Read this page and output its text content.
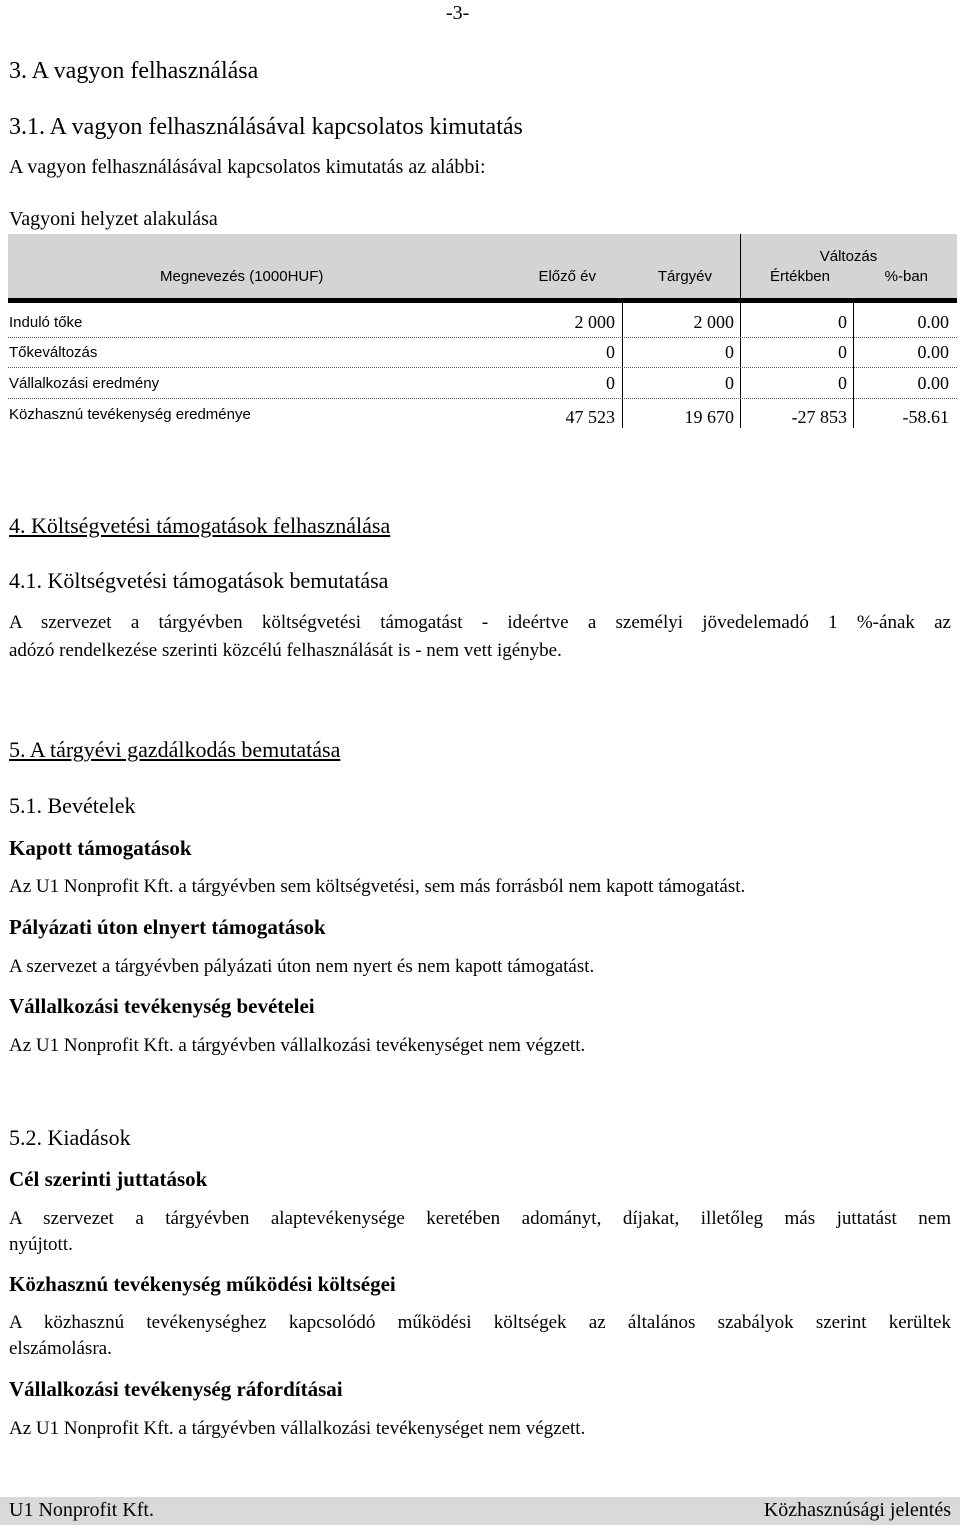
-3-
3. A vagyon felhasználása
3.1. A vagyon felhasználásával kapcsolatos kimutatás
A vagyon felhasználásával kapcsolatos kimutatás az alábbi:
Vagyoni helyzet alakulása
Változás
Megnevezés (1000HUF)	Előző év	Tárgyév	Értékben	%-ban
Induló tőke	2 000	2 000	0	0.00
Tőkeváltozás	0	0	0	0.00
Vállalkozási eredmény	0	0	0	0.00
Közhasznú tevékenység eredménye	47 523	19 670	-27 853	-58.61
4. Költségvetési támogatások felhasználása
4.1. Költségvetési támogatások bemutatása
A szervezet a tárgyévben költségvetési támogatást - ideértve a személyi jövedelemadó 1 %-ának az
adózó rendelkezése szerinti közcélú felhasználását is - nem vett igénybe.
5. A tárgyévi gazdálkodás bemutatása
5.1. Bevételek
Kapott támogatások
Az U1 Nonprofit Kft. a tárgyévben sem költségvetési, sem más forrásból nem kapott támogatást.
Pályázati úton elnyert támogatások
A szervezet a tárgyévben pályázati úton nem nyert és nem kapott támogatást.
Vállalkozási tevékenység bevételei
Az U1 Nonprofit Kft. a tárgyévben vállalkozási tevékenységet nem végzett.
5.2. Kiadások
Cél szerinti juttatások
A szervezet a tárgyévben alaptevékenysége keretében adományt, díjakat, illetőleg más juttatást nem
nyújtott.
Közhasznú tevékenység működési költségei
A közhasznú tevékenységhez kapcsolódó működési költségek az általános szabályok szerint kerültek
elszámolásra.
Vállalkozási tevékenység ráfordításai
Az U1 Nonprofit Kft. a tárgyévben vállalkozási tevékenységet nem végzett.
U1 Nonprofit Kft.	Közhasznúsági jelentés
